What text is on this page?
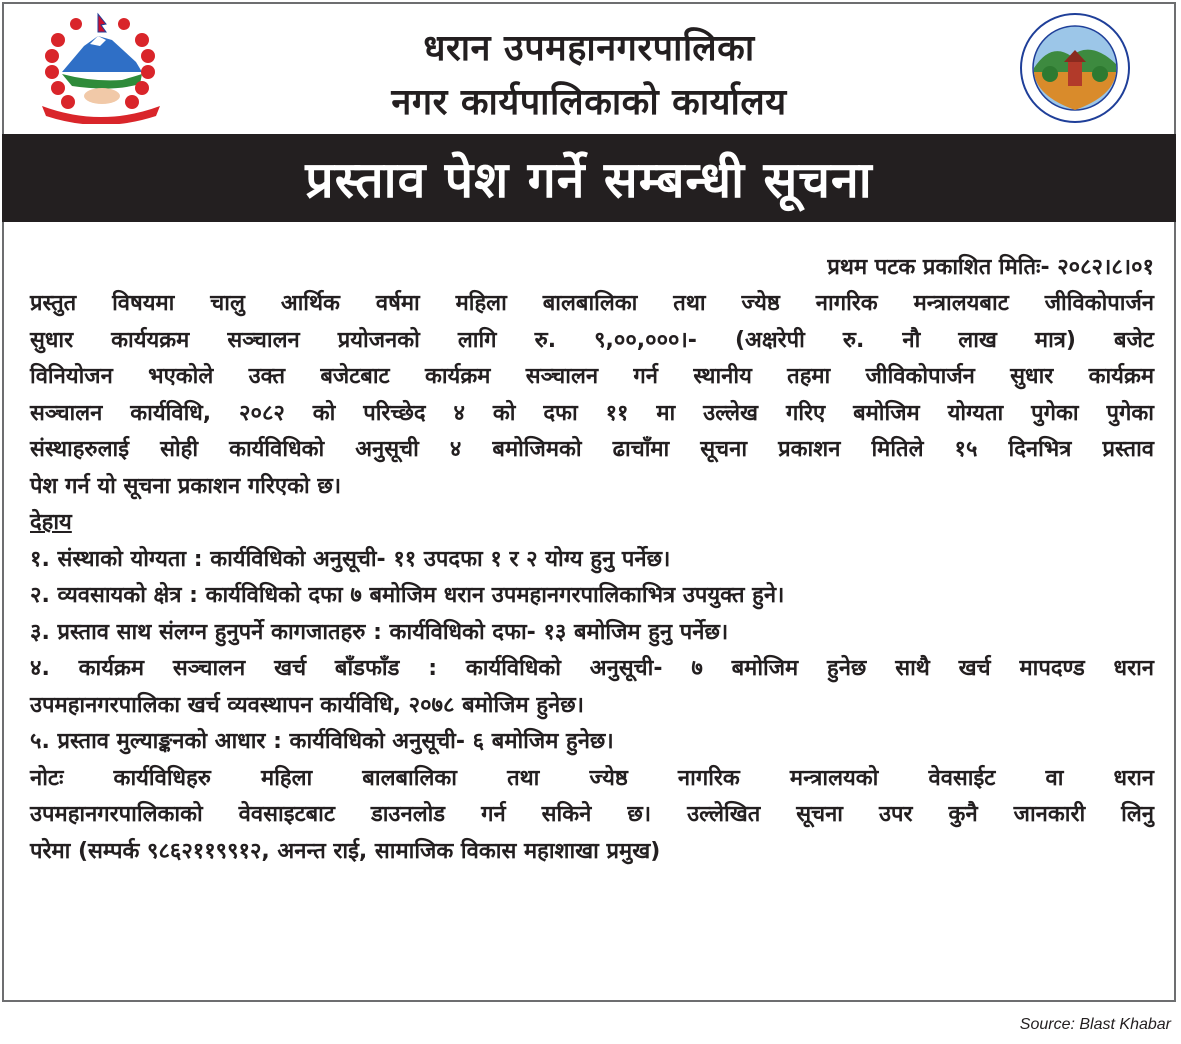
धरान उपमहानगरपालिका
नगर कार्यपालिकाको कार्यालय
प्रस्ताव पेश गर्ने सम्बन्धी सूचना
प्रथम पटक प्रकाशित मितिः- २०८२।८।०१
प्रस्तुत विषयमा चालु आर्थिक वर्षमा महिला बालबालिका तथा ज्येष्ठ नागरिक मन्त्रालयबाट जीविकोपार्जन
सुधार कार्ययक्रम सञ्चालन प्रयोजनको लागि रु. ९,००,०००।- (अक्षरेपी रु. नौ लाख मात्र) बजेट
विनियोजन भएकोले उक्त बजेटबाट कार्यक्रम सञ्चालन गर्न स्थानीय तहमा जीविकोपार्जन सुधार कार्यक्रम
सञ्चालन कार्यविधि, २०८२ को परिच्छेद ४ को दफा ११ मा उल्लेख गरिए बमोजिम योग्यता पुगेका पुगेका
संस्थाहरुलाई सोही कार्यविधिको अनुसूची ४ बमोजिमको ढाचाँमा सूचना प्रकाशन मितिले १५ दिनभित्र प्रस्ताव
पेश गर्न यो सूचना प्रकाशन गरिएको छ।
देहाय
१. संस्थाको योग्यता : कार्यविधिको अनुसूची- ११ उपदफा १ र २ योग्य हुनु पर्नेछ।
२. व्यवसायको क्षेत्र : कार्यविधिको दफा ७ बमोजिम धरान उपमहानगरपालिकाभित्र उपयुक्त हुने।
३. प्रस्ताव साथ संलग्न हुनुपर्ने कागजातहरु : कार्यविधिको दफा- १३ बमोजिम हुनु पर्नेछ।
४. कार्यक्रम सञ्चालन खर्च बाँडफाँड : कार्यविधिको अनुसूची- ७ बमोजिम हुनेछ साथै खर्च मापदण्ड धरान
उपमहानगरपालिका खर्च व्यवस्थापन कार्यविधि, २०७८ बमोजिम हुनेछ।
५. प्रस्ताव मुल्याङ्कनको आधार : कार्यविधिको अनुसूची- ६ बमोजिम हुनेछ।
नोटः कार्यविधिहरु महिला बालबालिका तथा ज्येष्ठ नागरिक मन्त्रालयको वेवसाईट वा धरान
उपमहानगरपालिकाको वेवसाइटबाट डाउनलोड गर्न सकिने छ। उल्लेखित सूचना उपर कुनै जानकारी लिनु
परेमा (सम्पर्क ९८६२११९९१२, अनन्त राई, सामाजिक विकास महाशाखा प्रमुख)
Source: Blast Khabar
